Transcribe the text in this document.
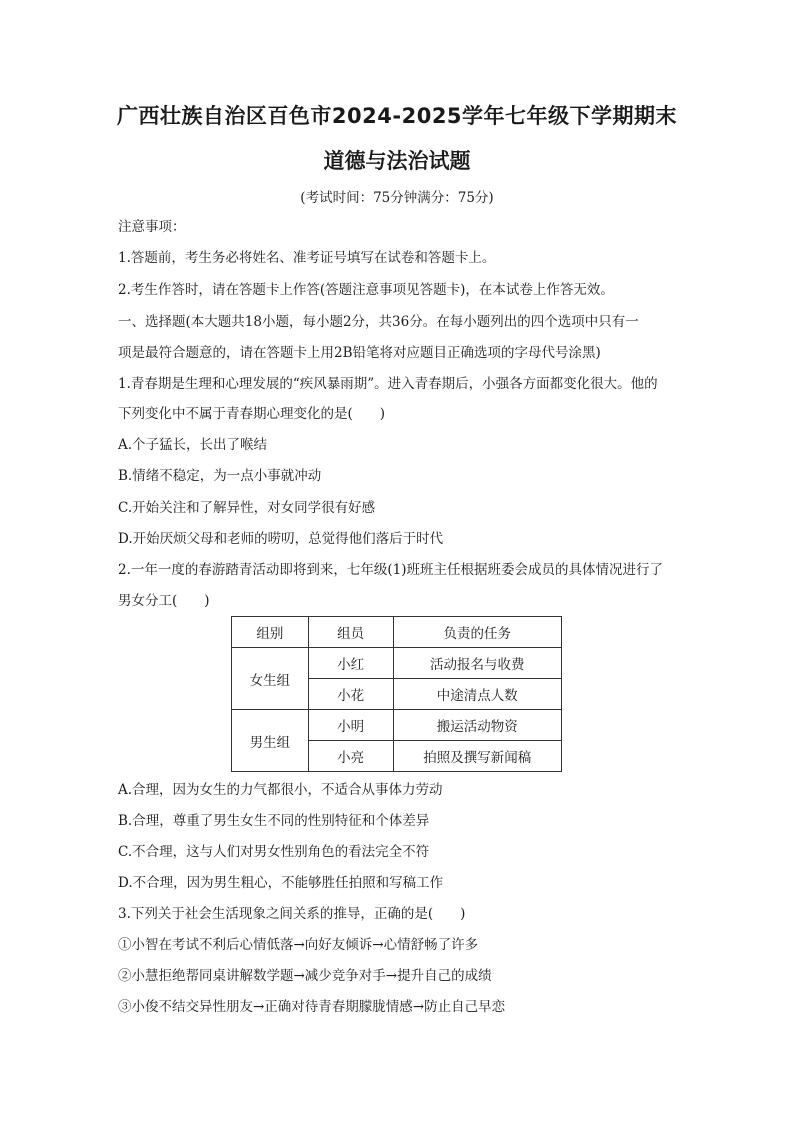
广西壮族自治区百色市2024-2025学年七年级下学期期末
道德与法治试题
(考试时间：75分钟满分：75分)
注意事项：
1.答题前，考生务必将姓名、准考证号填写在试卷和答题卡上。
2.考生作答时，请在答题卡上作答(答题注意事项见答题卡)，在本试卷上作答无效。
一、选择题(本大题共18小题，每小题2分，共36分。在每小题列出的四个选项中只有一
项是最符合题意的，请在答题卡上用2B铅笔将对应题目正确选项的字母代号涂黑)
1.青春期是生理和心理发展的“疾风暴雨期”。进入青春期后，小强各方面都变化很大。他的
下列变化中不属于青春期心理变化的是(　　)
A.个子猛长，长出了喉结
B.情绪不稳定，为一点小事就冲动
C.开始关注和了解异性，对女同学很有好感
D.开始厌烦父母和老师的唠叨，总觉得他们落后于时代
2.一年一度的春游踏青活动即将到来，七年级(1)班班主任根据班委会成员的具体情况进行了
男女分工(　　)
组别	组员	负责的任务
女生组	小红	活动报名与收费
	小花	中途清点人数
男生组	小明	搬运活动物资
	小亮	拍照及撰写新闻稿
A.合理，因为女生的力气都很小，不适合从事体力劳动
B.合理，尊重了男生女生不同的性别特征和个体差异
C.不合理，这与人们对男女性别角色的看法完全不符
D.不合理，因为男生粗心，不能够胜任拍照和写稿工作
3.下列关于社会生活现象之间关系的推导，正确的是(　　)
①小智在考试不利后心情低落→向好友倾诉→心情舒畅了许多
②小慧拒绝帮同桌讲解数学题→减少竞争对手→提升自己的成绩
③小俊不结交异性朋友→正确对待青春期朦胧情感→防止自己早恋
